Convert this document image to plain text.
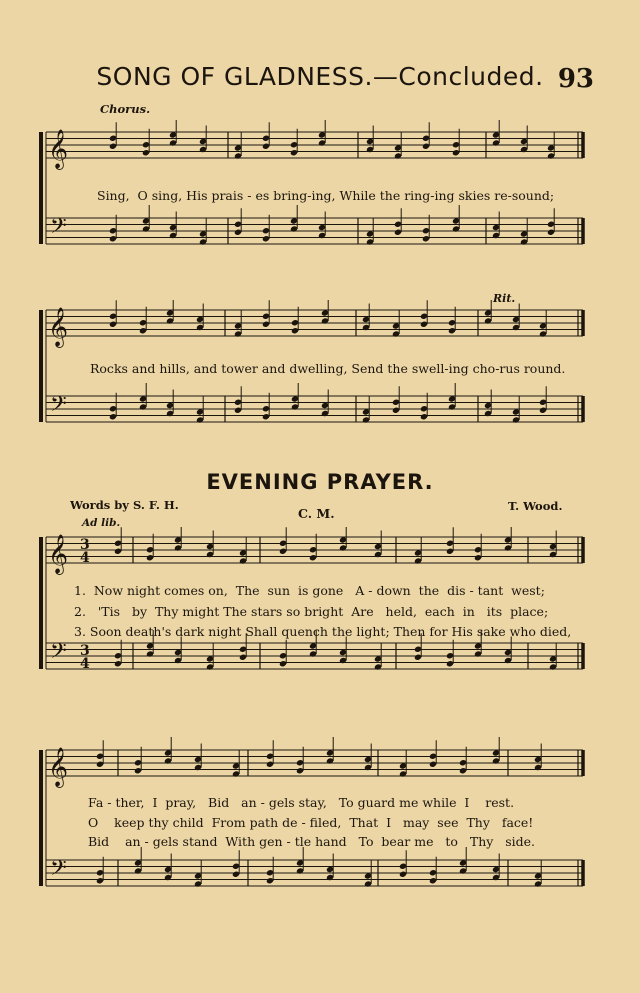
SONG OF GLADNESS.—Concluded. 93
Chorus.
Rit.
𝄞
𝄢
Sing,  O sing, His prais - es bring-ing, While the ring-ing skies re-sound;
𝄞
𝄢
Rocks and hills, and tower and dwelling, Send the swell-ing cho-rus round.
EVENING PRAYER.
Words by S. F. H.
C. M.	T. Wood.
Ad lib.
𝄞
𝄢
3
4
3
4
1.  Now night comes on,  The  sun  is gone   A - down  the  dis - tant  west;
2.   'Tis   by  Thy might The stars so bright  Are   held,  each  in   its  place;
3. Soon death's dark night Shall quench the light; Then for His sake who died,
𝄞
𝄢
Fa - ther,  I  pray,   Bid   an - gels stay,   To guard me while  I    rest.
O    keep thy child  From path de - filed,  That  I   may  see  Thy   face!
Bid    an - gels stand  With gen - tle hand   To  bear me   to   Thy   side.
